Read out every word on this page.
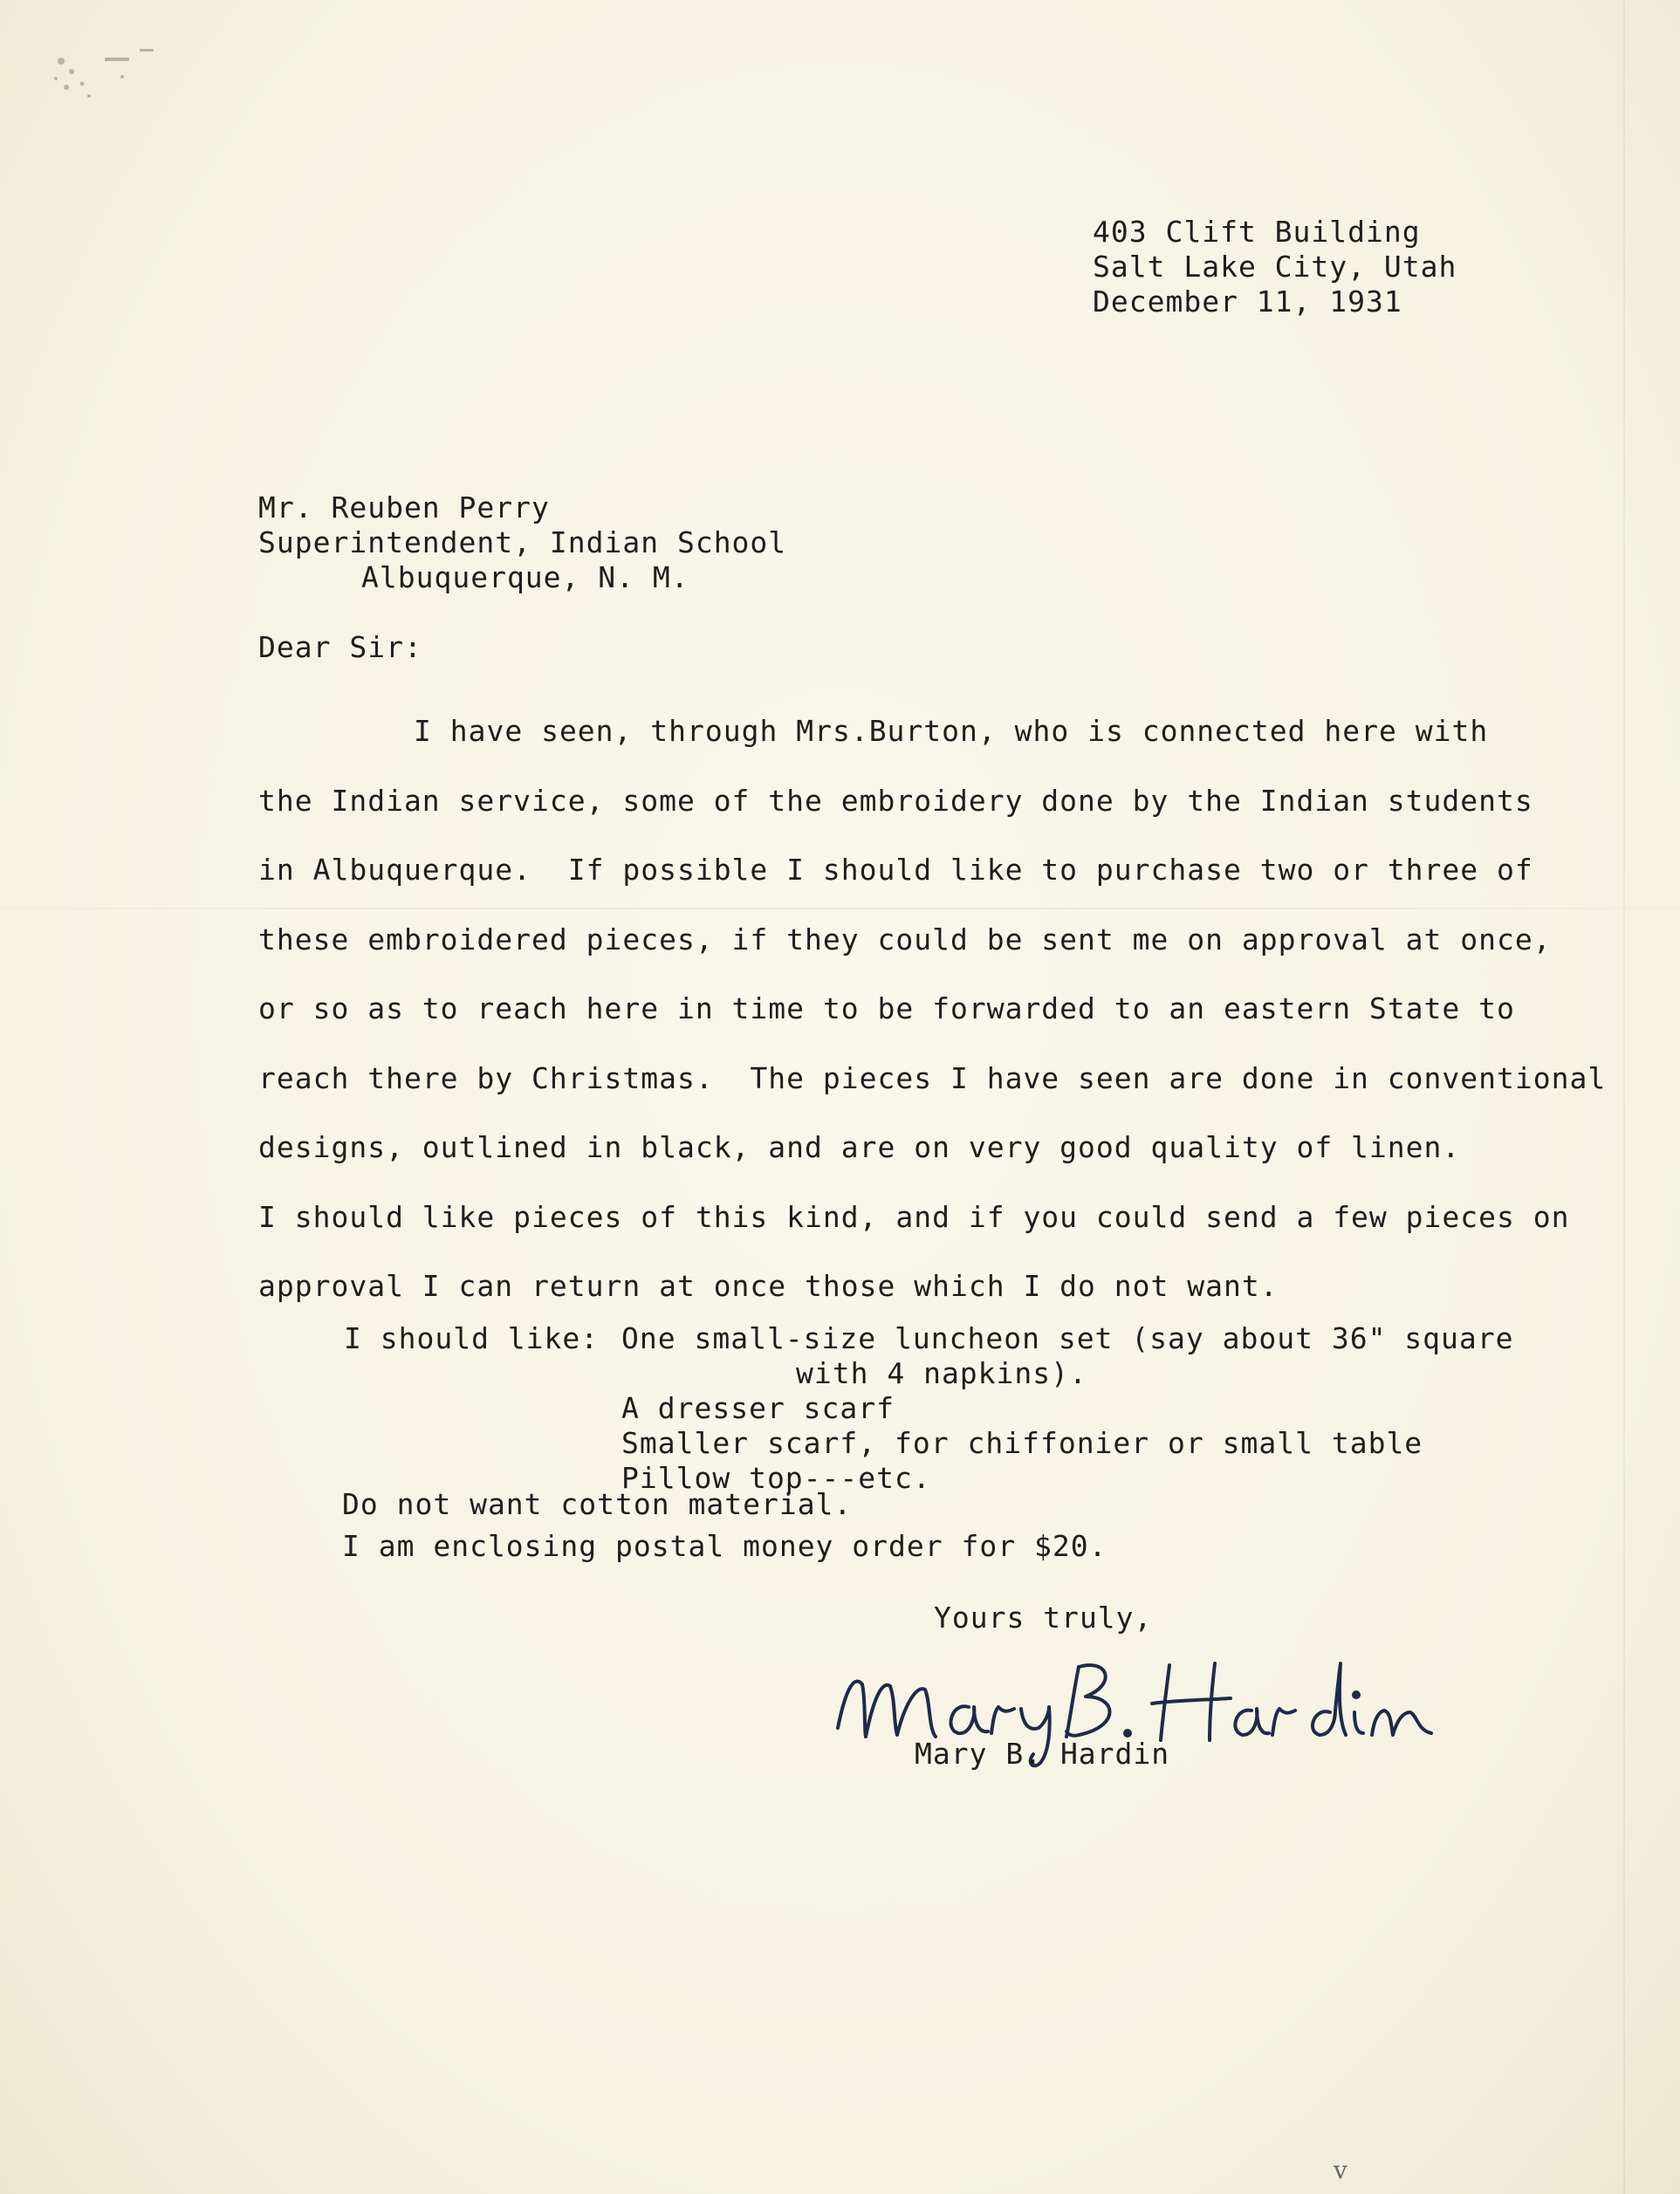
403 Clift Building
Salt Lake City, Utah
December 11, 1931
Mr. Reuben Perry
Superintendent, Indian School
Albuquerque, N. M.
Dear Sir:
I have seen, through Mrs.Burton, who is connected here with
the Indian service, some of the embroidery done by the Indian students
in Albuquerque.  If possible I should like to purchase two or three of
these embroidered pieces, if they could be sent me on approval at once,
or so as to reach here in time to be forwarded to an eastern State to
reach there by Christmas.  The pieces I have seen are done in conventional
designs, outlined in black, and are on very good quality of linen.
I should like pieces of this kind, and if you could send a few pieces on
approval I can return at once those which I do not want.
I should like: One small-size luncheon set (say about 36" square
with 4 napkins).
A dresser scarf
Smaller scarf, for chiffonier or small table
Pillow top---etc.
Do not want cotton material.
I am enclosing postal money order for $20.
Yours truly,
Mary B. Hardin
v
